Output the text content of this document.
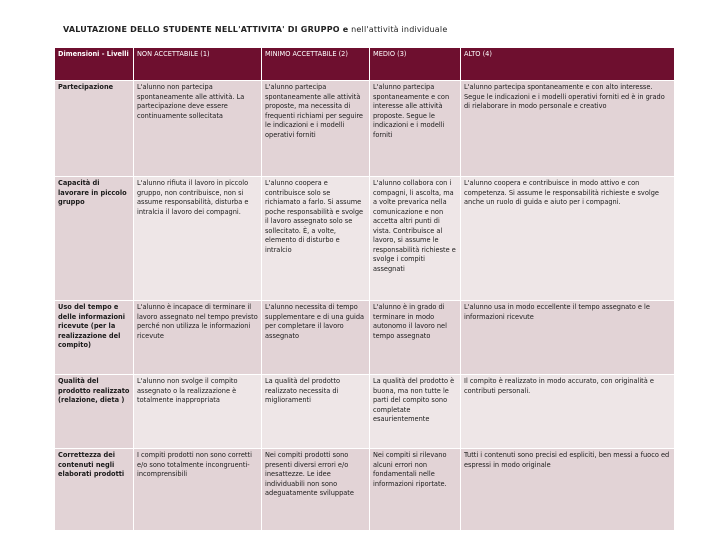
VALUTAZIONE DELLO STUDENTE NELL'ATTIVITA' DI GRUPPO e nell'attività individuale
Dimensioni - Livelli	NON ACCETTABILE (1)	MINIMO ACCETTABILE (2)	MEDIO (3)	ALTO (4)
Partecipazione	L'alunno non partecipa spontaneamente alle attività. La partecipazione deve essere continuamente sollecitata	L'alunno partecipa spontaneamente alle attività proposte, ma necessita di frequenti richiami per seguire le indicazioni e i modelli operativi forniti	L'alunno partecipa spontaneamente e con interesse alle attività proposte. Segue le indicazioni e i modelli forniti	L'alunno partecipa spontaneamente e con alto interesse. Segue le indicazioni e i modelli operativi forniti ed è in grado di rielaborare in modo personale e creativo
Capacità di lavorare in piccolo gruppo	L'alunno rifiuta il lavoro in piccolo gruppo, non contribuisce, non si assume responsabilità, disturba e intralcia il lavoro dei compagni.	L'alunno coopera e contribuisce solo se richiamato a farlo. Si assume poche responsabilità e svolge il lavoro assegnato solo se sollecitato. È, a volte, elemento di disturbo e intralcio	L'alunno collabora con i compagni, li ascolta, ma a volte prevarica nella comunicazione e non accetta altri punti di vista. Contribuisce al lavoro, si assume le responsabilità richieste e svolge i compiti assegnati	L'alunno coopera e contribuisce in modo attivo e con competenza. Si assume le responsabilità richieste e svolge anche un ruolo di guida e aiuto per i compagni.
Uso del tempo e delle informazioni ricevute (per la realizzazione del compito)	L'alunno è incapace di terminare il lavoro assegnato nel tempo previsto perché non utilizza le informazioni ricevute	L'alunno necessita di tempo supplementare e di una guida per completare il lavoro assegnato	L'alunno è in grado di terminare in modo autonomo il lavoro nel tempo assegnato	L'alunno usa in modo eccellente il tempo assegnato e le informazioni ricevute
Qualità del prodotto realizzato (relazione, dieta )	L'alunno non svolge il compito assegnato o la realizzazione è totalmente inappropriata	La qualità del prodotto realizzato necessita di miglioramenti	La qualità del prodotto è buona, ma non tutte le parti del compito sono completate esaurientemente	Il compito è realizzato in modo accurato, con originalità e contributi personali.
Correttezza dei contenuti negli elaborati prodotti	I compiti prodotti non sono corretti e/o sono totalmente incongruenti-incomprensibili	Nei compiti prodotti sono presenti diversi errori e/o inesattezze. Le idee individuabili non sono adeguatamente sviluppate	Nei compiti si rilevano alcuni errori non fondamentali nelle informazioni riportate.	Tutti i contenuti sono precisi ed espliciti, ben messi a fuoco ed espressi in modo originale
